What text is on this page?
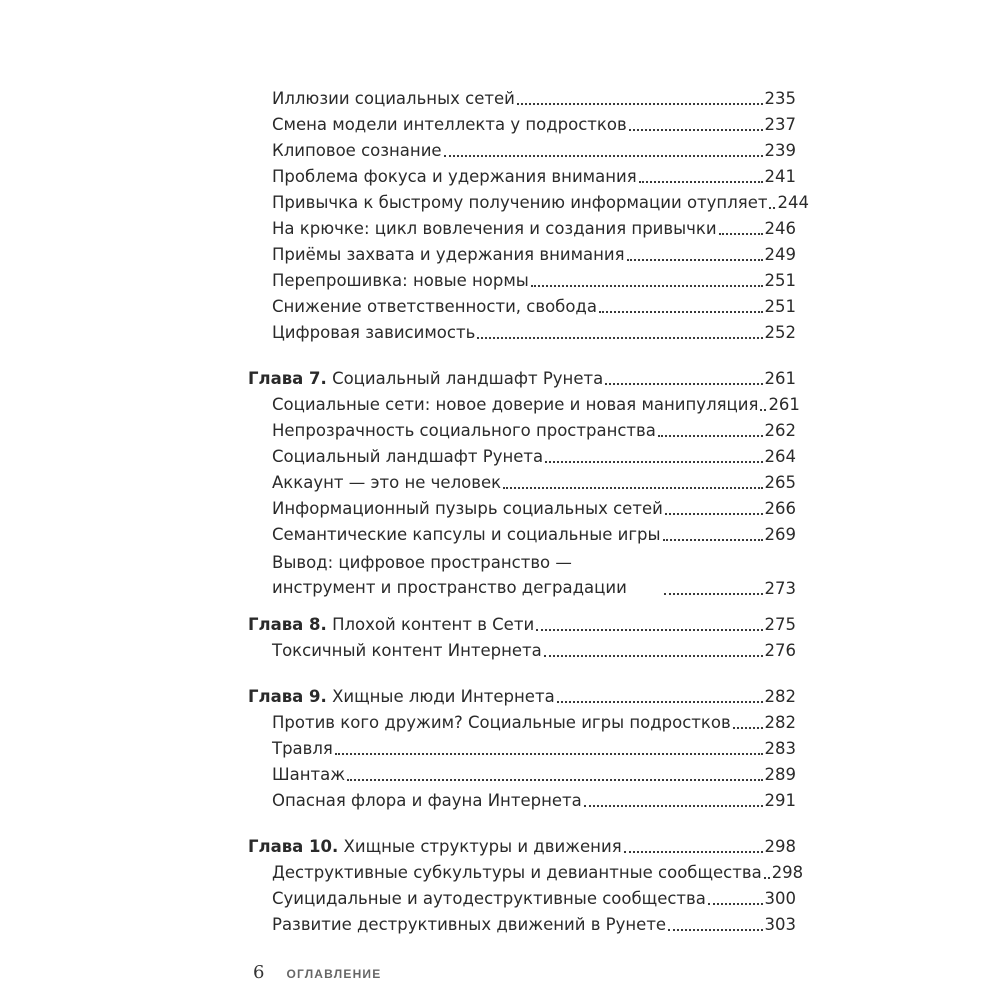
Иллюзии социальных сетей	235
Смена модели интеллекта у подростков	237
Клиповое сознание	239
Проблема фокуса и удержания внимания	241
Привычка к быстрому получению информации отупляет 244
На крючке: цикл вовлечения и создания привычки	246
Приёмы захвата и удержания внимания	249
Перепрошивка: новые нормы	251
Снижение ответственности, свобода	251
Цифровая зависимость	252
Глава 7. Социальный ландшафт Рунета	261
Социальные сети: новое доверие и новая манипуляция 261
Непрозрачность социального пространства	262
Социальный ландшафт Рунета	264
Аккаунт — это не человек	265
Информационный пузырь социальных сетей	266
Семантические капсулы и социальные игры	269
Вывод: цифровое пространство — инструмент и пространство деградации	273
Глава 8. Плохой контент в Сети	275
Токсичный контент Интернета	276
Глава 9. Хищные люди Интернета	282
Против кого дружим? Социальные игры подростков 282
Травля	283
Шантаж	289
Опасная флора и фауна Интернета	291
Глава 10. Хищные структуры и движения	298
Деструктивные субкультуры и девиантные сообщества 298
Суицидальные и аутодеструктивные сообщества	300
Развитие деструктивных движений в Рунете	303
6 ОГЛАВЛЕНИЕ
